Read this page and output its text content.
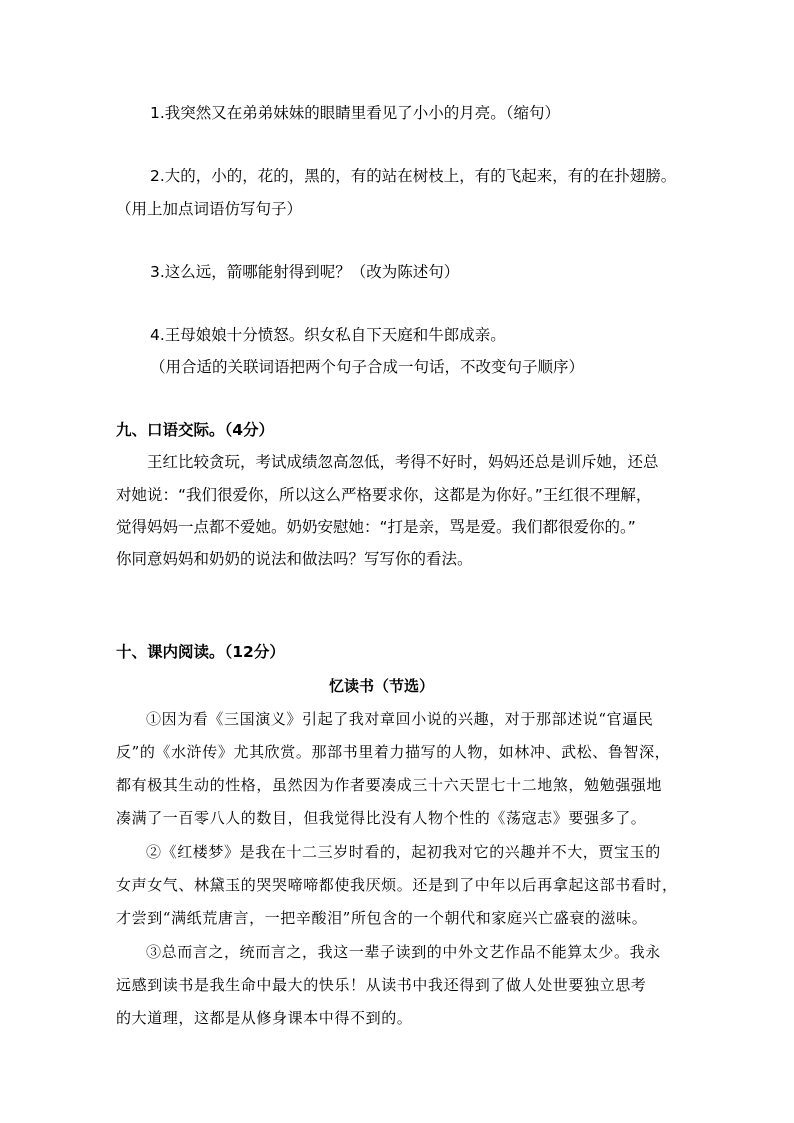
1.我突然又在弟弟妹妹的眼睛里看见了小小的月亮。（缩句）
2.大的，小的，花的，黑的，有的站在树枝上，有的飞起来，有的在扑翅膀。
（用上加点词语仿写句子）
3.这么远，箭哪能射得到呢？（改为陈述句）
4.王母娘娘十分愤怒。织女私自下天庭和牛郎成亲。
（用合适的关联词语把两个句子合成一句话，不改变句子顺序）
九、口语交际。（4分）
王红比较贪玩，考试成绩忽高忽低，考得不好时，妈妈还总是训斥她，还总
对她说：“我们很爱你，所以这么严格要求你，这都是为你好。”王红很不理解，
觉得妈妈一点都不爱她。奶奶安慰她：“打是亲，骂是爱。我们都很爱你的。”
你同意妈妈和奶奶的说法和做法吗？写写你的看法。
十、课内阅读。（12分）
忆读书（节选）
①因为看《三国演义》引起了我对章回小说的兴趣，对于那部述说“官逼民
反”的《水浒传》尤其欣赏。那部书里着力描写的人物，如林冲、武松、鲁智深，
都有极其生动的性格，虽然因为作者要凑成三十六天罡七十二地煞，勉勉强强地
凑满了一百零八人的数目，但我觉得比没有人物个性的《荡寇志》要强多了。
②《红楼梦》是我在十二三岁时看的，起初我对它的兴趣并不大，贾宝玉的
女声女气、林黛玉的哭哭啼啼都使我厌烦。还是到了中年以后再拿起这部书看时，
才尝到“满纸荒唐言，一把辛酸泪”所包含的一个朝代和家庭兴亡盛衰的滋味。
③总而言之，统而言之，我这一辈子读到的中外文艺作品不能算太少。我永
远感到读书是我生命中最大的快乐！从读书中我还得到了做人处世要独立思考
的大道理，这都是从修身课本中得不到的。
